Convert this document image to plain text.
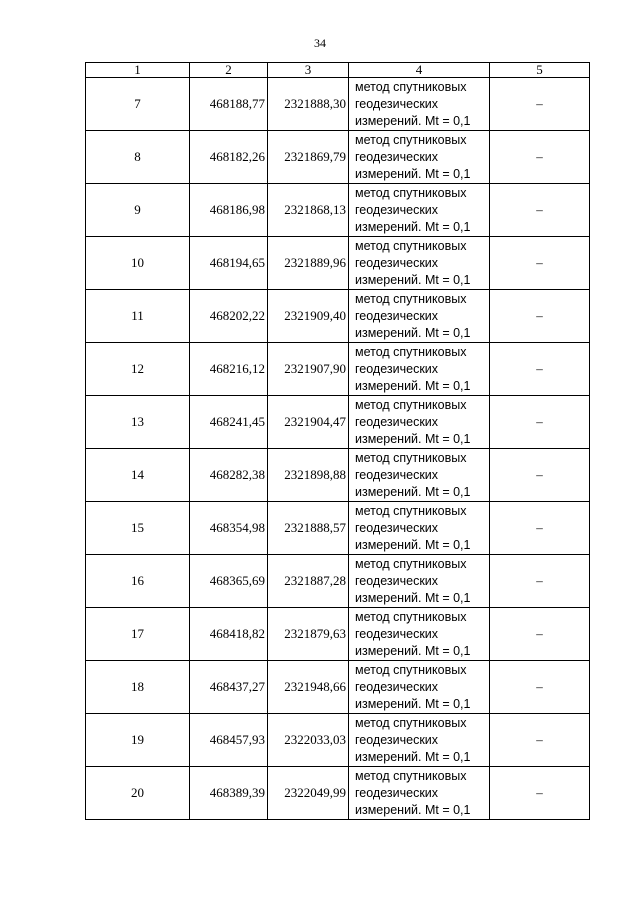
34
1	2	3	4	5
7	468188,77	2321888,30	метод спутниковых
геодезических
измерений. Mt = 0,1	–
8	468182,26	2321869,79	метод спутниковых
геодезических
измерений. Mt = 0,1	–
9	468186,98	2321868,13	метод спутниковых
геодезических
измерений. Mt = 0,1	–
10	468194,65	2321889,96	метод спутниковых
геодезических
измерений. Mt = 0,1	–
11	468202,22	2321909,40	метод спутниковых
геодезических
измерений. Mt = 0,1	–
12	468216,12	2321907,90	метод спутниковых
геодезических
измерений. Mt = 0,1	–
13	468241,45	2321904,47	метод спутниковых
геодезических
измерений. Mt = 0,1	–
14	468282,38	2321898,88	метод спутниковых
геодезических
измерений. Mt = 0,1	–
15	468354,98	2321888,57	метод спутниковых
геодезических
измерений. Mt = 0,1	–
16	468365,69	2321887,28	метод спутниковых
геодезических
измерений. Mt = 0,1	–
17	468418,82	2321879,63	метод спутниковых
геодезических
измерений. Mt = 0,1	–
18	468437,27	2321948,66	метод спутниковых
геодезических
измерений. Mt = 0,1	–
19	468457,93	2322033,03	метод спутниковых
геодезических
измерений. Mt = 0,1	–
20	468389,39	2322049,99	метод спутниковых
геодезических
измерений. Mt = 0,1	–
